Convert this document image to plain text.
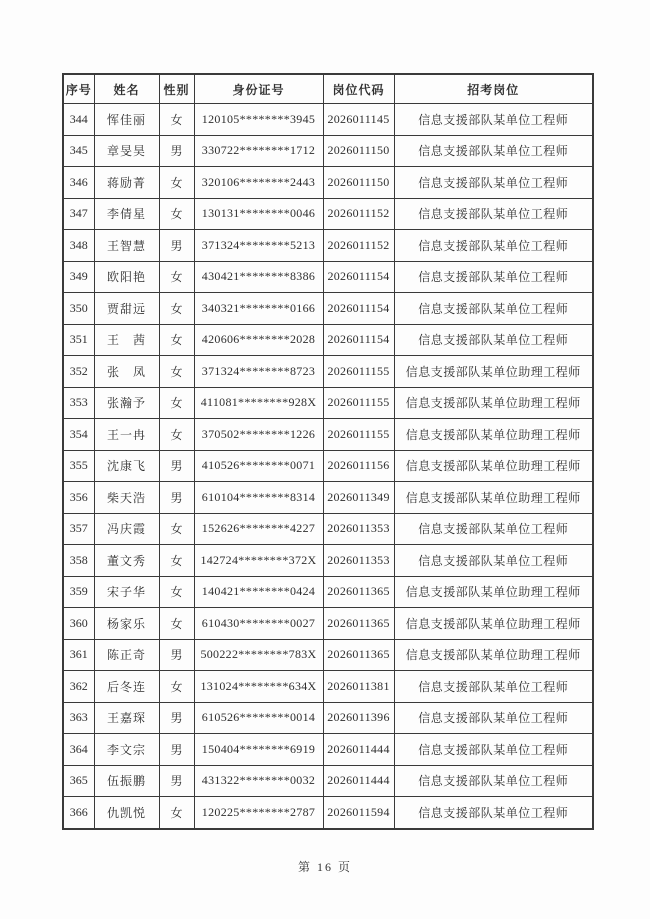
序号	姓名	性别	身份证号	岗位代码	招考岗位
344	恽佳丽	女	120105********3945	2026011145	信息支援部队某单位工程师
345	章旻昊	男	330722********1712	2026011150	信息支援部队某单位工程师
346	蒋励菁	女	320106********2443	2026011150	信息支援部队某单位工程师
347	李倩星	女	130131********0046	2026011152	信息支援部队某单位工程师
348	王智慧	男	371324********5213	2026011152	信息支援部队某单位工程师
349	欧阳艳	女	430421********8386	2026011154	信息支援部队某单位工程师
350	贾甜远	女	340321********0166	2026011154	信息支援部队某单位工程师
351	王　茜	女	420606********2028	2026011154	信息支援部队某单位工程师
352	张　凤	女	371324********8723	2026011155	信息支援部队某单位助理工程师
353	张瀚予	女	411081********928X	2026011155	信息支援部队某单位助理工程师
354	王一冉	女	370502********1226	2026011155	信息支援部队某单位助理工程师
355	沈康飞	男	410526********0071	2026011156	信息支援部队某单位助理工程师
356	柴天浩	男	610104********8314	2026011349	信息支援部队某单位助理工程师
357	冯庆霞	女	152626********4227	2026011353	信息支援部队某单位工程师
358	董文秀	女	142724********372X	2026011353	信息支援部队某单位工程师
359	宋子华	女	140421********0424	2026011365	信息支援部队某单位助理工程师
360	杨家乐	女	610430********0027	2026011365	信息支援部队某单位助理工程师
361	陈正奇	男	500222********783X	2026011365	信息支援部队某单位助理工程师
362	后冬连	女	131024********634X	2026011381	信息支援部队某单位工程师
363	王嘉琛	男	610526********0014	2026011396	信息支援部队某单位工程师
364	李文宗	男	150404********6919	2026011444	信息支援部队某单位工程师
365	伍振鹏	男	431322********0032	2026011444	信息支援部队某单位工程师
366	仇凯悦	女	120225********2787	2026011594	信息支援部队某单位工程师
第 16 页
